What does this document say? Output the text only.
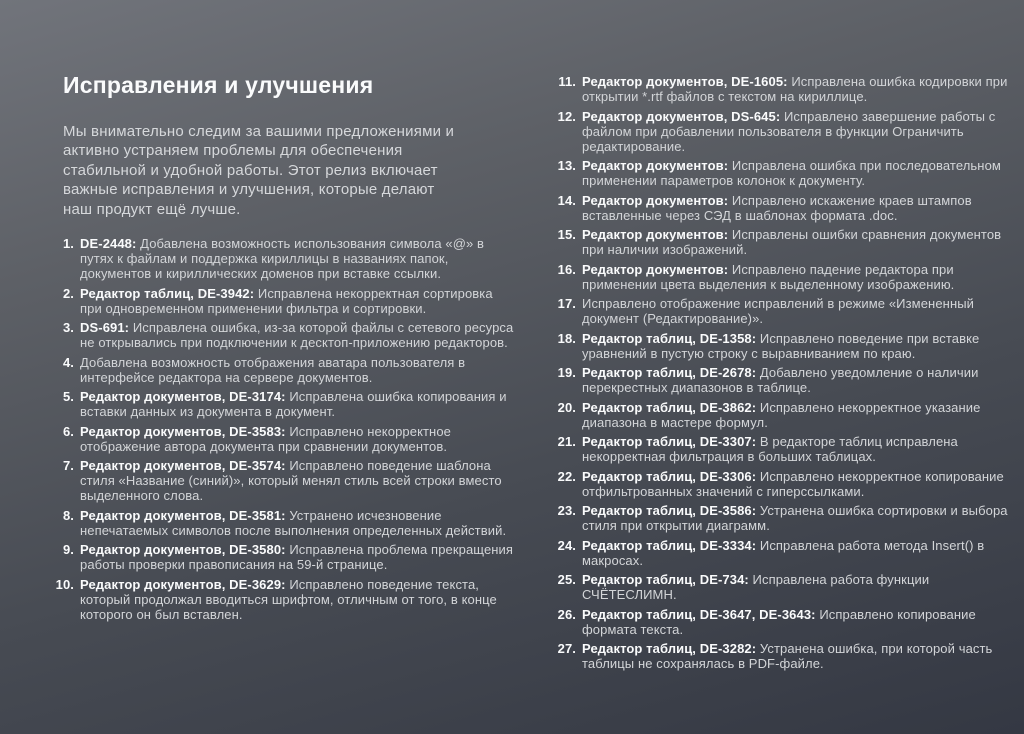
Исправления и улучшения

Мы внимательно следим за вашими предложениями и активно устраняем проблемы для обеспечения стабильной и удобной работы. Этот релиз включает важные исправления и улучшения, которые делают наш продукт ещё лучше.

1. DE-2448: Добавлена возможность использования символа «@» в путях к файлам и поддержка кириллицы в названиях папок, документов и кириллических доменов при вставке ссылки.
2. Редактор таблиц, DE-3942: Исправлена некорректная сортировка при одновременном применении фильтра и сортировки.
3. DS-691: Исправлена ошибка, из-за которой файлы с сетевого ресурса не открывались при подключении к десктоп-приложению редакторов.
4. Добавлена возможность отображения аватара пользователя в интерфейсе редактора на сервере документов.
5. Редактор документов, DE-3174: Исправлена ошибка копирования и вставки данных из документа в документ.
6. Редактор документов, DE-3583: Исправлено некорректное отображение автора документа при сравнении документов.
7. Редактор документов, DE-3574: Исправлено поведение шаблона стиля «Название (синий)», который менял стиль всей строки вместо выделенного слова.
8. Редактор документов, DE-3581: Устранено исчезновение непечатаемых символов после выполнения определенных действий.
9. Редактор документов, DE-3580: Исправлена проблема прекращения работы проверки правописания на 59-й странице.
10. Редактор документов, DE-3629: Исправлено поведение текста, который продолжал вводиться шрифтом, отличным от того, в конце которого он был вставлен.
11. Редактор документов, DE-1605: Исправлена ошибка кодировки при открытии *.rtf файлов с текстом на кириллице.
12. Редактор документов, DS-645: Исправлено завершение работы с файлом при добавлении пользователя в функции Ограничить редактирование.
13. Редактор документов: Исправлена ошибка при последовательном применении параметров колонок к документу.
14. Редактор документов: Исправлено искажение краев штампов вставленные через СЭД в шаблонах формата .doc.
15. Редактор документов: Исправлены ошибки сравнения документов при наличии изображений.
16. Редактор документов: Исправлено падение редактора при применении цвета выделения к выделенному изображению.
17. Исправлено отображение исправлений в режиме «Измененный документ (Редактирование)».
18. Редактор таблиц, DE-1358: Исправлено поведение при вставке уравнений в пустую строку с выравниванием по краю.
19. Редактор таблиц, DE-2678: Добавлено уведомление о наличии перекрестных диапазонов в таблице.
20. Редактор таблиц, DE-3862: Исправлено некорректное указание диапазона в мастере формул.
21. Редактор таблиц, DE-3307: В редакторе таблиц исправлена некорректная фильтрация в больших таблицах.
22. Редактор таблиц, DE-3306: Исправлено некорректное копирование отфильтрованных значений с гиперссылками.
23. Редактор таблиц, DE-3586: Устранена ошибка сортировки и выбора стиля при открытии диаграмм.
24. Редактор таблиц, DE-3334: Исправлена работа метода Insert() в макросах.
25. Редактор таблиц, DE-734: Исправлена работа функции СЧЁТЕСЛИМН.
26. Редактор таблиц, DE-3647, DE-3643: Исправлено копирование формата текста.
27. Редактор таблиц, DE-3282: Устранена ошибка, при которой часть таблицы не сохранялась в PDF-файле.
